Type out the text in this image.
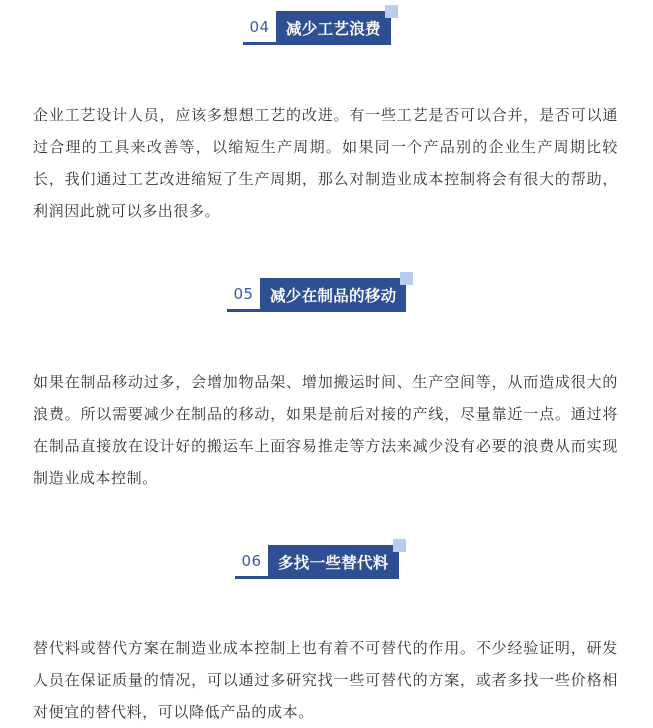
04	减少工艺浪费

企业工艺设计人员，应该多想想工艺的改进。有一些工艺是否可以合并，是否可以通过合理的工具来改善等，以缩短生产周期。如果同一个产品别的企业生产周期比较长，我们通过工艺改进缩短了生产周期，那么对制造业成本控制将会有很大的帮助，利润因此就可以多出很多。

05	减少在制品的移动

如果在制品移动过多，会增加物品架、增加搬运时间、生产空间等，从而造成很大的浪费。所以需要减少在制品的移动，如果是前后对接的产线，尽量靠近一点。通过将在制品直接放在设计好的搬运车上面容易推走等方法来减少没有必要的浪费从而实现制造业成本控制。

06	多找一些替代料

替代料或替代方案在制造业成本控制上也有着不可替代的作用。不少经验证明，研发人员在保证质量的情况，可以通过多研究找一些可替代的方案，或者多找一些价格相对便宜的替代料，可以降低产品的成本。
